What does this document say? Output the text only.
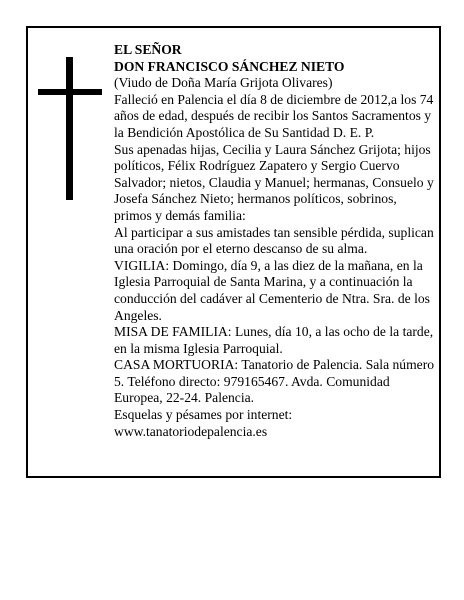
EL SEÑOR

DON FRANCISCO SÁNCHEZ NIETO

(Viudo de Doña María Grijota Olivares)

Falleció en Palencia el día 8 de diciembre de 2012,a los 74 años de edad, después de recibir los Santos Sacramentos y la Bendición Apostólica de Su Santidad D. E. P.

Sus apenadas hijas, Cecilia y Laura Sánchez Grijota; hijos políticos, Félix Rodríguez Zapatero y Sergio Cuervo Salvador; nietos, Claudia y Manuel; hermanas, Consuelo y Josefa Sánchez Nieto; hermanos políticos, sobrinos, primos y demás familia:

Al participar a sus amistades tan sensible pérdida, suplican una oración por el eterno descanso de su alma.

VIGILIA: Domingo, día 9, a las diez de la mañana, en la Iglesia Parroquial de Santa Marina, y a continuación la conducción del cadáver al Cementerio de Ntra. Sra. de los Angeles.

MISA DE FAMILIA: Lunes, día 10, a las ocho de la tarde, en la misma Iglesia Parroquial.

CASA MORTUORIA: Tanatorio de Palencia. Sala número 5. Teléfono directo: 979165467. Avda. Comunidad Europea, 22-24. Palencia.

Esquelas y pésames por internet:

www.tanatoriodepalencia.es
